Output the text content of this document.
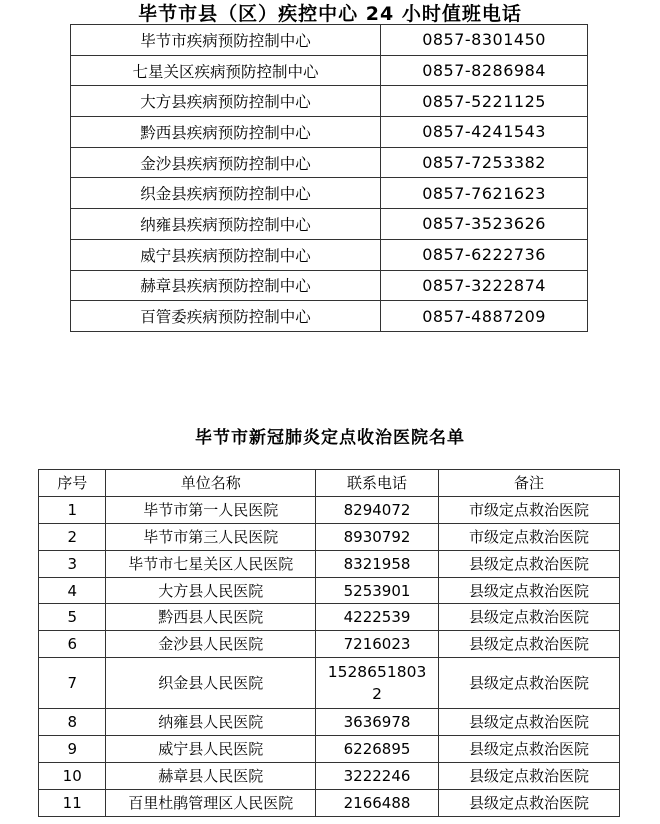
毕节市县（区）疾控中心 24 小时值班电话
毕节市疾病预防控制中心	0857-8301450
七星关区疾病预防控制中心	0857-8286984
大方县疾病预防控制中心	0857-5221125
黔西县疾病预防控制中心	0857-4241543
金沙县疾病预防控制中心	0857-7253382
织金县疾病预防控制中心	0857-7621623
纳雍县疾病预防控制中心	0857-3523626
威宁县疾病预防控制中心	0857-6222736
赫章县疾病预防控制中心	0857-3222874
百管委疾病预防控制中心	0857-4887209
毕节市新冠肺炎定点收治医院名单
序号	单位名称	联系电话	备注
1	毕节市第一人民医院	8294072	市级定点救治医院
2	毕节市第三人民医院	8930792	市级定点救治医院
3	毕节市七星关区人民医院	8321958	县级定点救治医院
4	大方县人民医院	5253901	县级定点救治医院
5	黔西县人民医院	4222539	县级定点救治医院
6	金沙县人民医院	7216023	县级定点救治医院
7	织金县人民医院	15286518032	县级定点救治医院
8	纳雍县人民医院	3636978	县级定点救治医院
9	威宁县人民医院	6226895	县级定点救治医院
10	赫章县人民医院	3222246	县级定点救治医院
11	百里杜鹃管理区人民医院	2166488	县级定点救治医院
